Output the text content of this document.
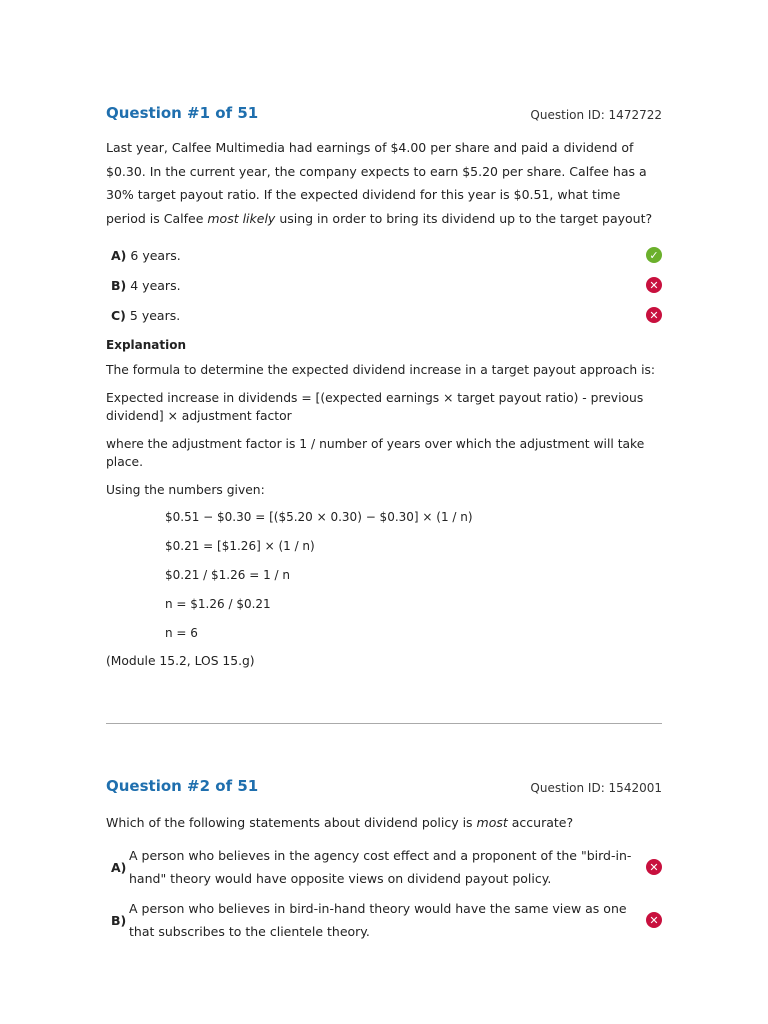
Question #1 of 51	Question ID: 1472722
Last year, Calfee Multimedia had earnings of $4.00 per share and paid a dividend of $0.30. In the current year, the company expects to earn $5.20 per share. Calfee has a 30% target payout ratio. If the expected dividend for this year is $0.51, what time period is Calfee most likely using in order to bring its dividend up to the target payout?
A) 6 years.	✓
B) 4 years.	✕
C) 5 years.	✕
Explanation
The formula to determine the expected dividend increase in a target payout approach is:
Expected increase in dividends = [(expected earnings × target payout ratio) - previous dividend] × adjustment factor
where the adjustment factor is 1 / number of years over which the adjustment will take place.
Using the numbers given:
$0.51 − $0.30 = [($5.20 × 0.30) − $0.30] × (1 / n)
$0.21 = [$1.26] × (1 / n)
$0.21 / $1.26 = 1 / n
n = $1.26 / $0.21
n = 6
(Module 15.2, LOS 15.g)
Question #2 of 51	Question ID: 1542001
Which of the following statements about dividend policy is most accurate?
A)
A person who believes in the agency cost effect and a proponent of the "bird-in-hand" theory would have opposite views on dividend payout policy.
✕
B)
A person who believes in bird-in-hand theory would have the same view as one that subscribes to the clientele theory.
✕
